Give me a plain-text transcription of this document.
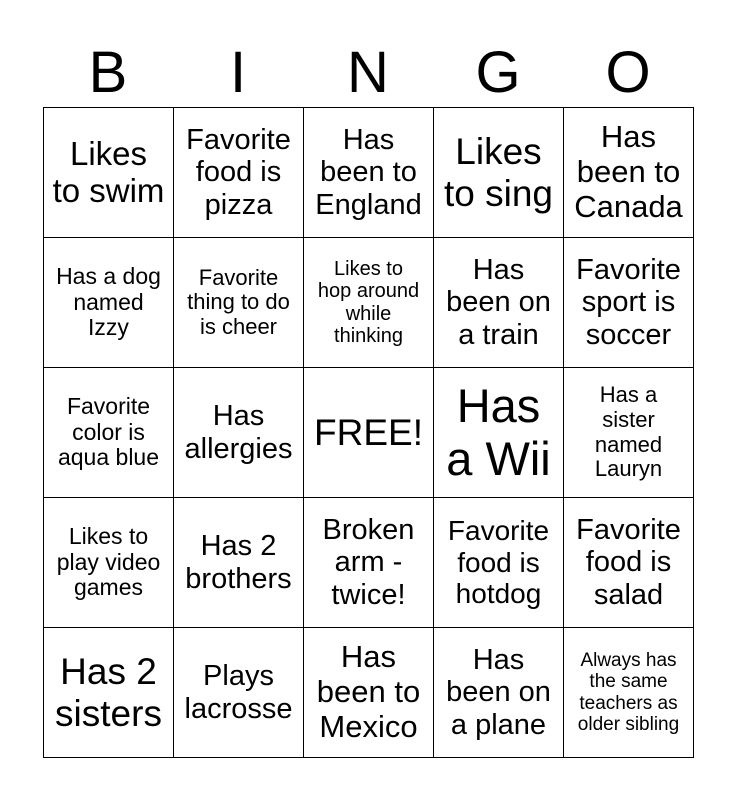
B	I	N	G	O
Likes
to swim	Favorite
food is
pizza	Has
been to
England	Likes
to sing	Has
been to
Canada

Has a dog
named
Izzy	Favorite
thing to do
is cheer	Likes to
hop around
while
thinking	Has
been on
a train	Favorite
sport is
soccer

Favorite
color is
aqua blue	Has
allergies	FREE!	Has
a Wii	Has a
sister
named
Lauryn

Likes to
play video
games	Has 2
brothers	Broken
arm -
twice!	Favorite
food is
hotdog	Favorite
food is
salad

Has 2
sisters	Plays
lacrosse	Has
been to
Mexico	Has
been on
a plane	Always has
the same
teachers as
older sibling
